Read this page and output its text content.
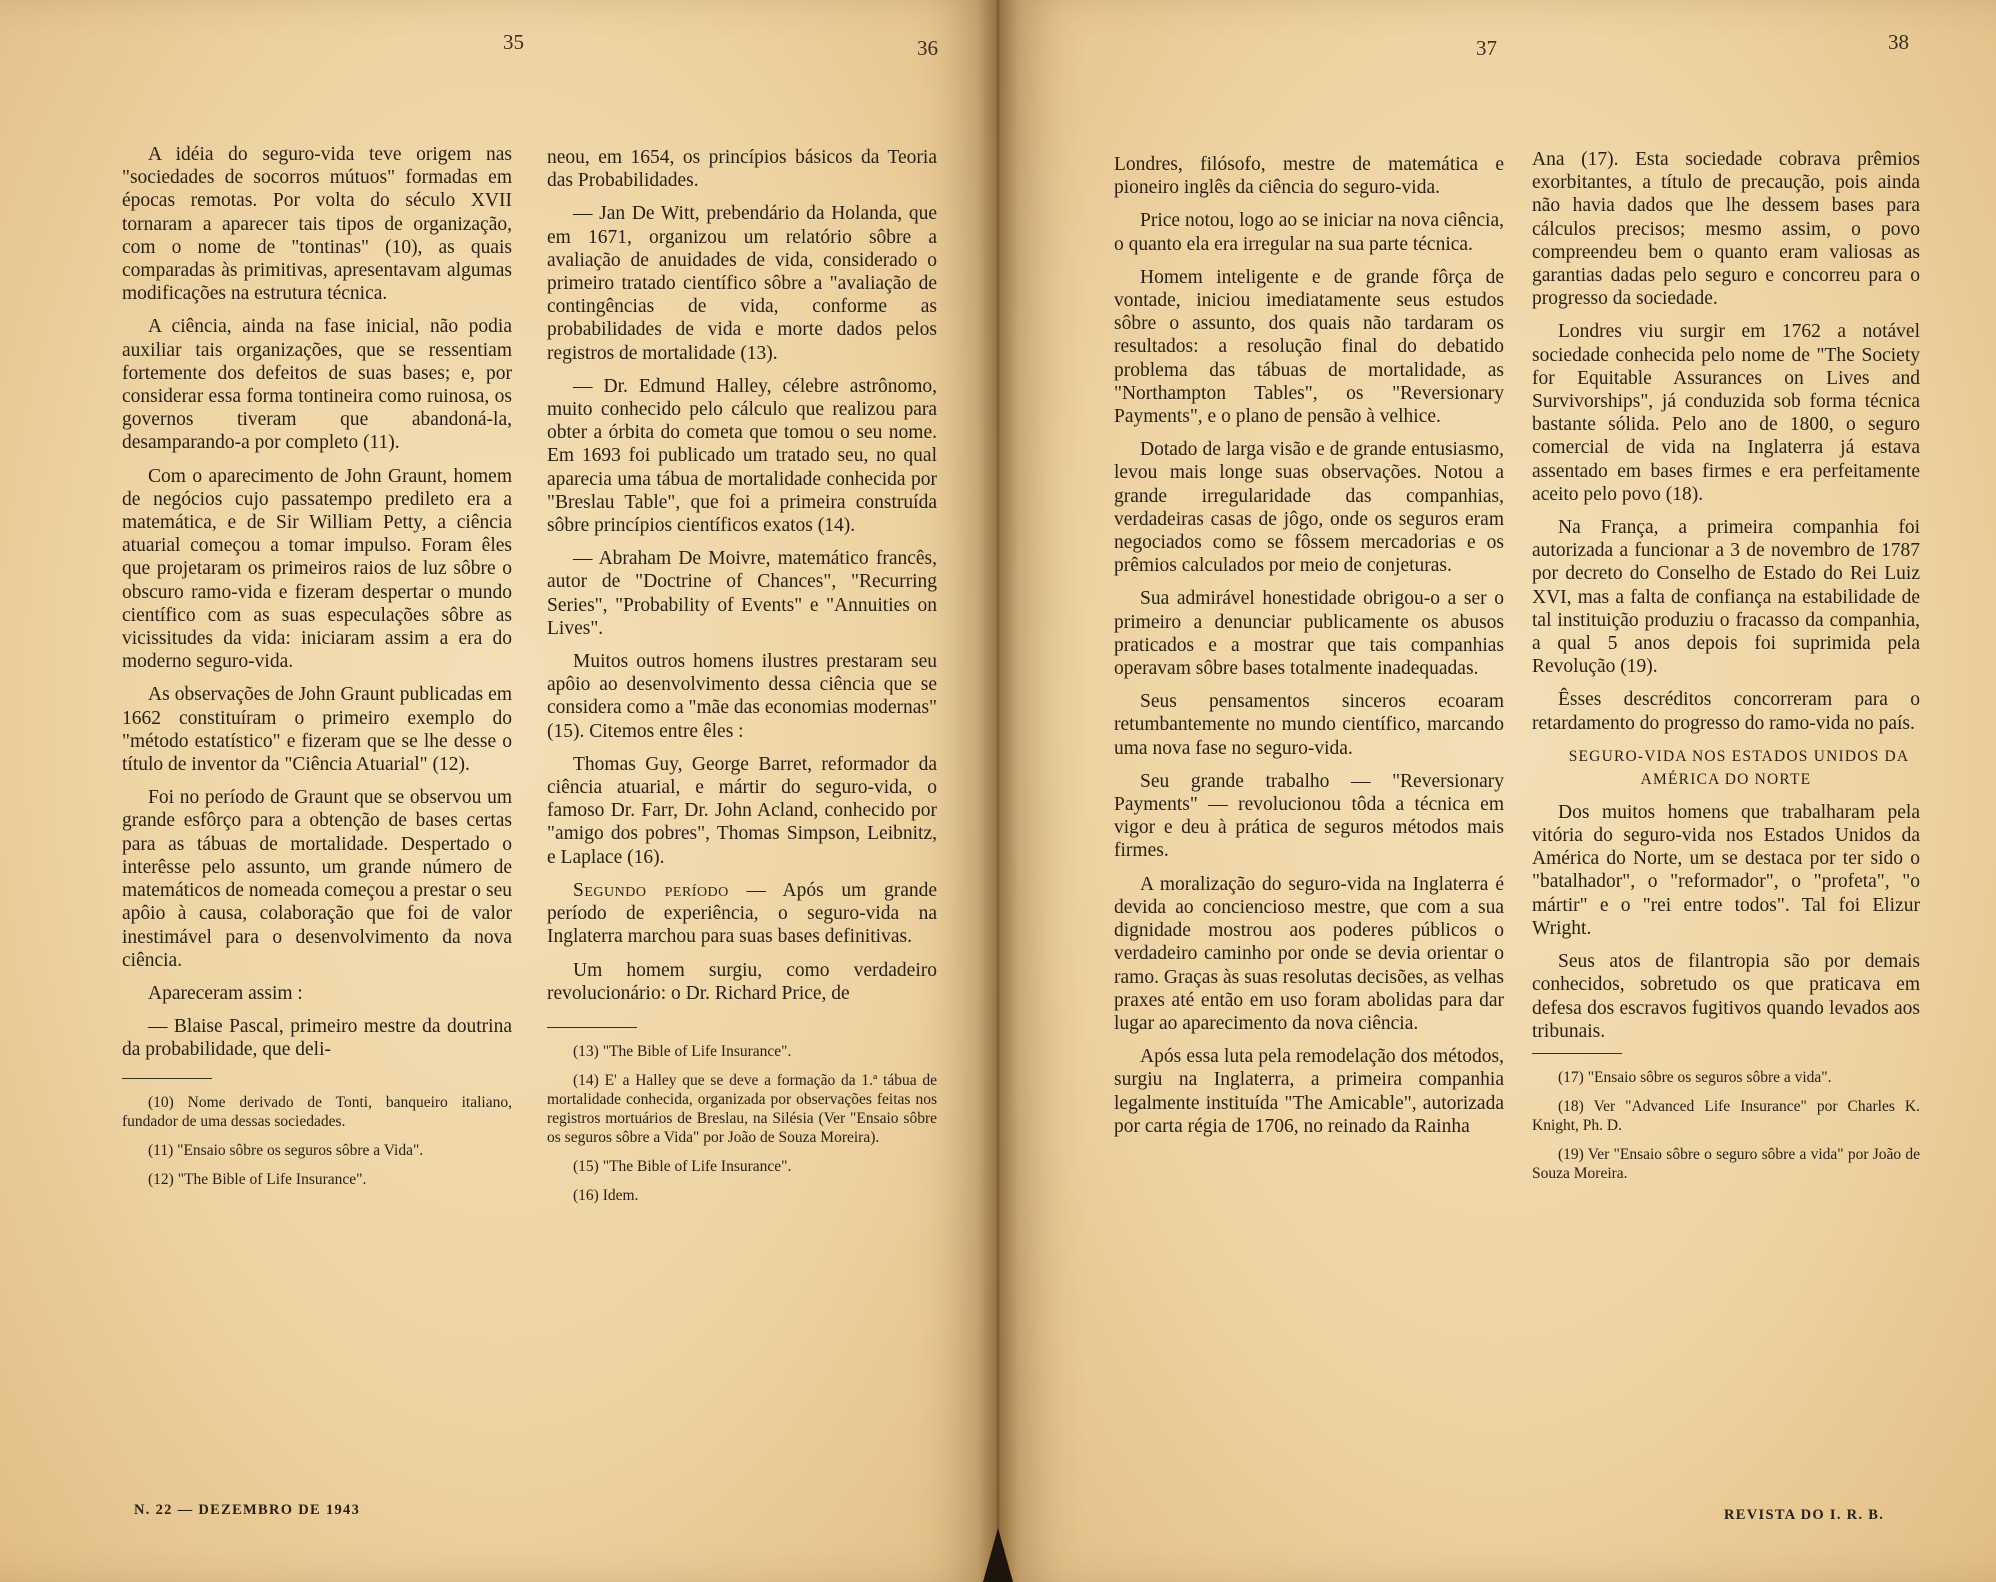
35	36

A idéia do seguro-vida teve origem nas "sociedades de socorros mútuos" formadas em épocas remotas. Por volta do século XVII tornaram a aparecer tais tipos de organização, com o nome de "tontinas" (10), as quais comparadas às primitivas, apresentavam algumas modificações na estrutura técnica.

A ciência, ainda na fase inicial, não podia auxiliar tais organizações, que se ressentiam fortemente dos defeitos de suas bases; e, por considerar essa forma tontineira como ruinosa, os governos tiveram que abandoná-la, desamparando-a por completo (11).

Com o aparecimento de John Graunt, homem de negócios cujo passatempo predileto era a matemática, e de Sir William Petty, a ciência atuarial começou a tomar impulso. Foram êles que projetaram os primeiros raios de luz sôbre o obscuro ramo-vida e fizeram despertar o mundo científico com as suas especulações sôbre as vicissitudes da vida: iniciaram assim a era do moderno seguro-vida.

As observações de John Graunt publicadas em 1662 constituíram o primeiro exemplo do "método estatístico" e fizeram que se lhe desse o título de inventor da "Ciência Atuarial" (12).

Foi no período de Graunt que se observou um grande esfôrço para a obtenção de bases certas para as tábuas de mortalidade. Despertado o interêsse pelo assunto, um grande número de matemáticos de nomeada começou a prestar o seu apôio à causa, colaboração que foi de valor inestimável para o desenvolvimento da nova ciência.

Apareceram assim :

— Blaise Pascal, primeiro mestre da doutrina da probabilidade, que deli-

(10) Nome derivado de Tonti, banqueiro italiano, fundador de uma dessas sociedades.

(11) "Ensaio sôbre os seguros sôbre a Vida".

(12) "The Bible of Life Insurance".

neou, em 1654, os princípios básicos da Teoria das Probabilidades.

— Jan De Witt, prebendário da Holanda, que em 1671, organizou um relatório sôbre a avaliação de anuidades de vida, considerado o primeiro tratado científico sôbre a "avaliação de contingências de vida, conforme as probabilidades de vida e morte dados pelos registros de mortalidade (13).

— Dr. Edmund Halley, célebre astrônomo, muito conhecido pelo cálculo que realizou para obter a órbita do cometa que tomou o seu nome. Em 1693 foi publicado um tratado seu, no qual aparecia uma tábua de mortalidade conhecida por "Breslau Table", que foi a primeira construída sôbre princípios científicos exatos (14).

— Abraham De Moivre, matemático francês, autor de "Doctrine of Chances", "Recurring Series", "Probability of Events" e "Annuities on Lives".

Muitos outros homens ilustres prestaram seu apôio ao desenvolvimento dessa ciência que se considera como a "mãe das economias modernas" (15). Citemos entre êles :

Thomas Guy, George Barret, reformador da ciência atuarial, e mártir do seguro-vida, o famoso Dr. Farr, Dr. John Acland, conhecido por "amigo dos pobres", Thomas Simpson, Leibnitz, e Laplace (16).

Segundo período — Após um grande período de experiência, o seguro-vida na Inglaterra marchou para suas bases definitivas.

Um homem surgiu, como verdadeiro revolucionário: o Dr. Richard Price, de

(13) "The Bible of Life Insurance".

(14) E' a Halley que se deve a formação da 1.ª tábua de mortalidade conhecida, organizada por observações feitas nos registros mortuários de Breslau, na Silésia (Ver "Ensaio sôbre os seguros sôbre a Vida" por João de Souza Moreira).

(15) "The Bible of Life Insurance".

(16) Idem.

N. 22 — DEZEMBRO DE 1943
37	38

Londres, filósofo, mestre de matemática e pioneiro inglês da ciência do seguro-vida.

Price notou, logo ao se iniciar na nova ciência, o quanto ela era irregular na sua parte técnica.

Homem inteligente e de grande fôrça de vontade, iniciou imediatamente seus estudos sôbre o assunto, dos quais não tardaram os resultados: a resolução final do debatido problema das tábuas de mortalidade, as "Northampton Tables", os "Reversionary Payments", e o plano de pensão à velhice.

Dotado de larga visão e de grande entusiasmo, levou mais longe suas observações. Notou a grande irregularidade das companhias, verdadeiras casas de jôgo, onde os seguros eram negociados como se fôssem mercadorias e os prêmios calculados por meio de conjeturas.

Sua admirável honestidade obrigou-o a ser o primeiro a denunciar publicamente os abusos praticados e a mostrar que tais companhias operavam sôbre bases totalmente inadequadas.

Seus pensamentos sinceros ecoaram retumbantemente no mundo científico, marcando uma nova fase no seguro-vida.

Seu grande trabalho — "Reversionary Payments" — revolucionou tôda a técnica em vigor e deu à prática de seguros métodos mais firmes.

A moralização do seguro-vida na Inglaterra é devida ao conciencioso mestre, que com a sua dignidade mostrou aos poderes públicos o verdadeiro caminho por onde se devia orientar o ramo. Graças às suas resolutas decisões, as velhas praxes até então em uso foram abolidas para dar lugar ao aparecimento da nova ciência.

Após essa luta pela remodelação dos métodos, surgiu na Inglaterra, a primeira companhia legalmente instituída "The Amicable", autorizada por carta régia de 1706, no reinado da Rainha

Ana (17). Esta sociedade cobrava prêmios exorbitantes, a título de precaução, pois ainda não havia dados que lhe dessem bases para cálculos precisos; mesmo assim, o povo compreendeu bem o quanto eram valiosas as garantias dadas pelo seguro e concorreu para o progresso da sociedade.

Londres viu surgir em 1762 a notável sociedade conhecida pelo nome de "The Society for Equitable Assurances on Lives and Survivorships", já conduzida sob forma técnica bastante sólida. Pelo ano de 1800, o seguro comercial de vida na Inglaterra já estava assentado em bases firmes e era perfeitamente aceito pelo povo (18).

Na França, a primeira companhia foi autorizada a funcionar a 3 de novembro de 1787 por decreto do Conselho de Estado do Rei Luiz XVI, mas a falta de confiança na estabilidade de tal instituição produziu o fracasso da companhia, a qual 5 anos depois foi suprimida pela Revolução (19).

Êsses descréditos concorreram para o retardamento do progresso do ramo-vida no país.

SEGURO-VIDA NOS ESTADOS UNIDOS DA AMÉRICA DO NORTE

Dos muitos homens que trabalharam pela vitória do seguro-vida nos Estados Unidos da América do Norte, um se destaca por ter sido o "batalhador", o "reformador", o "profeta", "o mártir" e o "rei entre todos". Tal foi Elizur Wright.

Seus atos de filantropia são por demais conhecidos, sobretudo os que praticava em defesa dos escravos fugitivos quando levados aos tribunais.

(17) "Ensaio sôbre os seguros sôbre a vida".

(18) Ver "Advanced Life Insurance" por Charles K. Knight, Ph. D.

(19) Ver "Ensaio sôbre o seguro sôbre a vida" por João de Souza Moreira.

REVISTA DO I. R. B.
